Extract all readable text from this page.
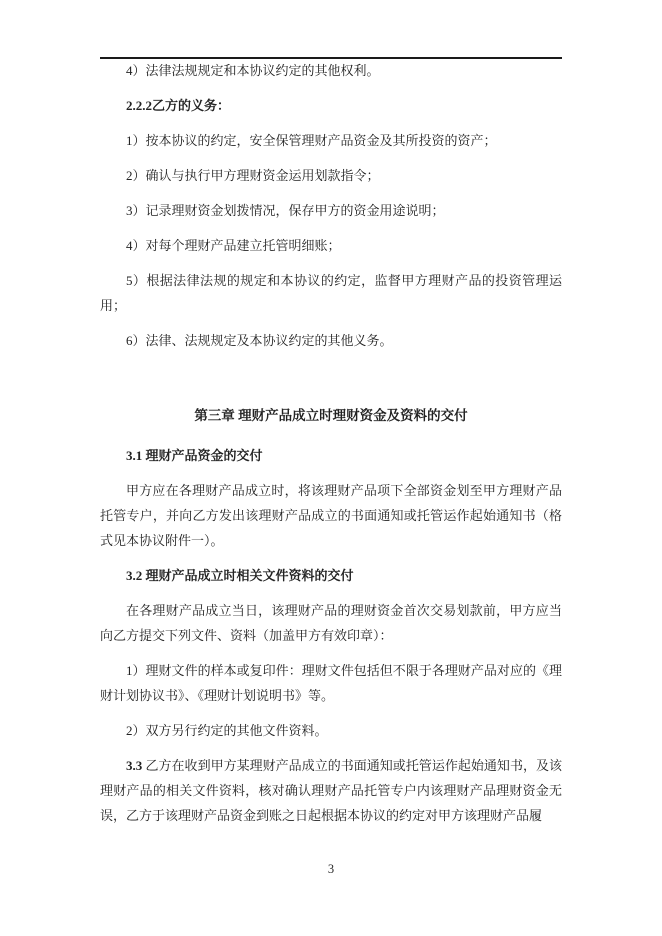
4）法律法规规定和本协议约定的其他权利。

2.2.2乙方的义务：

1）按本协议的约定，安全保管理财产品资金及其所投资的资产；

2）确认与执行甲方理财资金运用划款指令；

3）记录理财资金划拨情况，保存甲方的资金用途说明；

4）对每个理财产品建立托管明细账；

5）根据法律法规的规定和本协议的约定，监督甲方理财产品的投资管理运用；

6）法律、法规规定及本协议约定的其他义务。

第三章 理财产品成立时理财资金及资料的交付

3.1 理财产品资金的交付

甲方应在各理财产品成立时，将该理财产品项下全部资金划至甲方理财产品托管专户，并向乙方发出该理财产品成立的书面通知或托管运作起始通知书（格式见本协议附件一）。

3.2 理财产品成立时相关文件资料的交付

在各理财产品成立当日，该理财产品的理财资金首次交易划款前，甲方应当向乙方提交下列文件、资料（加盖甲方有效印章）：

1）理财文件的样本或复印件：理财文件包括但不限于各理财产品对应的《理财计划协议书》、《理财计划说明书》等。

2）双方另行约定的其他文件资料。

3.3 乙方在收到甲方某理财产品成立的书面通知或托管运作起始通知书，及该理财产品的相关文件资料，核对确认理财产品托管专户内该理财产品理财资金无误，乙方于该理财产品资金到账之日起根据本协议的约定对甲方该理财产品履

3
